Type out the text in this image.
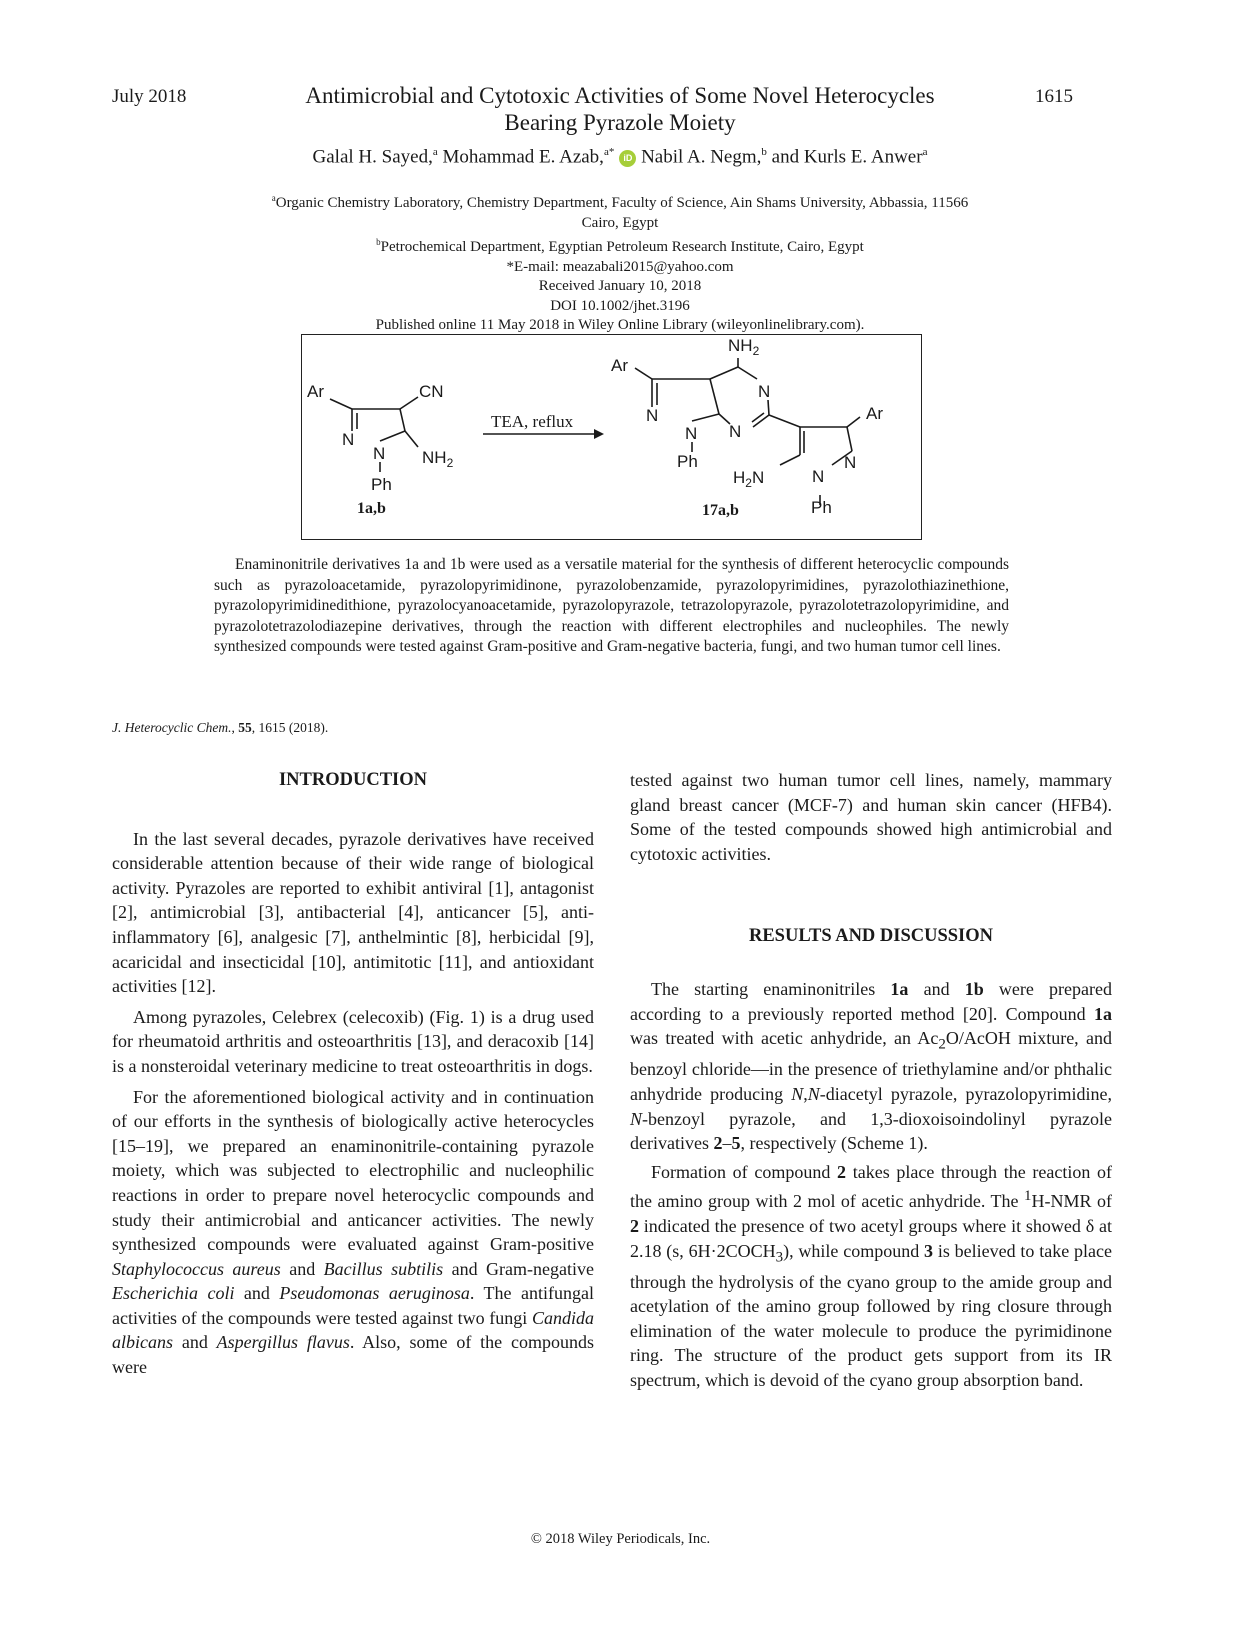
July 2018	1615
Antimicrobial and Cytotoxic Activities of Some Novel Heterocycles
Bearing Pyrazole Moiety
Galal H. Sayed,$^a$ Mohammad E. Azab,$^{a*}$iD Nabil A. Negm,$^b$ and Kurls E. Anwer$^a$
$^a$Organic Chemistry Laboratory, Chemistry Department, Faculty of Science, Ain Shams University, Abbassia, 11566
Cairo, Egypt
$^b$Petrochemical Department, Egyptian Petroleum Research Institute, Cairo, Egypt
*E-mail: meazabali2015@yahoo.com
Received January 10, 2018
DOI 10.1002/jhet.3196
Published online 11 May 2018 in Wiley Online Library (wileyonlinelibrary.com).
Ar	CN
N
N $NH_2$
Ph
1a,b
TEA, reflux
Ar
$NH_2$
N
N
N N
Ph
Ar
N
N
$H_2N$
Ph
17a,b
Enaminonitrile derivatives 1a and 1b were used as a versatile material for the synthesis of different heterocyclic compounds such as pyrazoloacetamide, pyrazolopyrimidinone, pyrazolobenzamide, pyrazolopyrimidines, pyrazolothiazinethione, pyrazolopyrimidinedithione, pyrazolocyanoacetamide, pyrazolopyrazole, tetrazolopyrazole, pyrazolotetrazolopyrimidine, and pyrazolotetrazolodiazepine derivatives, through the reaction with different electrophiles and nucleophiles. The newly synthesized compounds were tested against Gram-positive and Gram-negative bacteria, fungi, and two human tumor cell lines.
J. Heterocyclic Chem., 55, 1615 (2018).
INTRODUCTION

In the last several decades, pyrazole derivatives have received considerable attention because of their wide range of biological activity. Pyrazoles are reported to exhibit antiviral [1], antagonist [2], antimicrobial [3], antibacterial [4], anticancer [5], anti-inflammatory [6], analgesic [7], anthelmintic [8], herbicidal [9], acaricidal and insecticidal [10], antimitotic [11], and antioxidant activities [12].

Among pyrazoles, Celebrex (celecoxib) (Fig. 1) is a drug used for rheumatoid arthritis and osteoarthritis [13], and deracoxib [14] is a nonsteroidal veterinary medicine to treat osteoarthritis in dogs.

For the aforementioned biological activity and in continuation of our efforts in the synthesis of biologically active heterocycles [15–19], we prepared an enaminonitrile-containing pyrazole moiety, which was subjected to electrophilic and nucleophilic reactions in order to prepare novel heterocyclic compounds and study their antimicrobial and anticancer activities. The newly synthesized compounds were evaluated against Gram-positive Staphylococcus aureus and Bacillus subtilis and Gram-negative Escherichia coli and Pseudomonas aeruginosa. The antifungal activities of the compounds were tested against two fungi Candida albicans and Aspergillus flavus. Also, some of the compounds were

tested against two human tumor cell lines, namely, mammary gland breast cancer (MCF-7) and human skin cancer (HFB4). Some of the tested compounds showed high antimicrobial and cytotoxic activities.

RESULTS AND DISCUSSION

The starting enaminonitriles 1a and 1b were prepared according to a previously reported method [20]. Compound 1a was treated with acetic anhydride, an $Ac_2O$/AcOH mixture, and benzoyl chloride—in the presence of triethylamine and/or phthalic anhydride producing N,N-diacetyl pyrazole, pyrazolopyrimidine, N-benzoyl pyrazole, and 1,3-dioxoisoindolinyl pyrazole derivatives 2–5, respectively (Scheme 1).

Formation of compound 2 takes place through the reaction of the amino group with 2 mol of acetic anhydride. The $^1$H-NMR of 2 indicated the presence of two acetyl groups where it showed δ at 2.18 (s, $6H\cdot 2COCH_3$), while compound 3 is believed to take place through the hydrolysis of the cyano group to the amide group and acetylation of the amino group followed by ring closure through elimination of the water molecule to produce the pyrimidinone ring. The structure of the product gets support from its IR spectrum, which is devoid of the cyano group absorption band.

© 2018 Wiley Periodicals, Inc.
